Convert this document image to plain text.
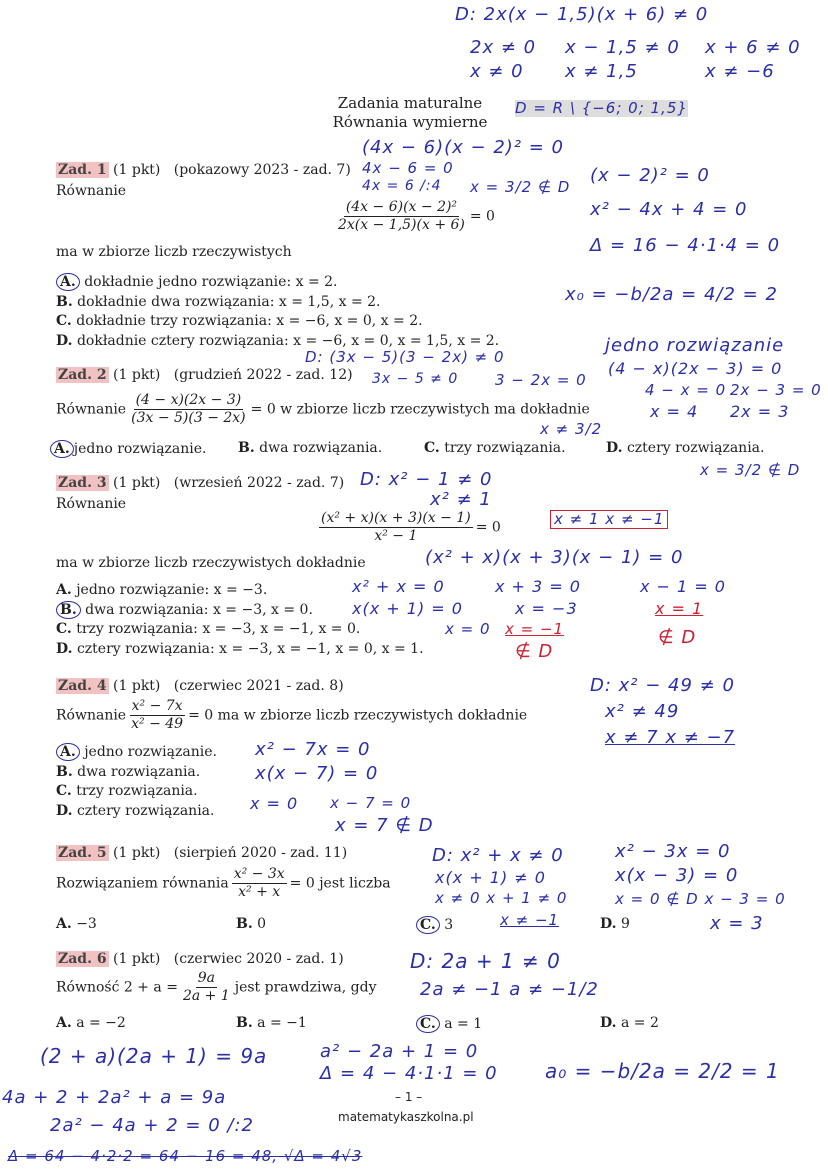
Zadania maturalne
Równania wymierne
Zad. 1 (1 pkt) (pokazowy 2023 - zad. 7)
Równanie
$\frac{\text{(4x − 6)(x − 2)²}}{2x(x - 1,5)(x + 6)} = 0$
ma w zbiorze liczb rzeczywistych
A. dokładnie jedno rozwiązanie: x = 2.
B. dokładnie dwa rozwiązania: x = 1,5, x = 2.
C. dokładnie trzy rozwiązania: x = −6, x = 0, x = 2.
D. dokładnie cztery rozwiązania: x = −6, x = 0, x = 1,5, x = 2.
Zad. 2 (1 pkt) (grudzień 2022 - zad. 12)
Równanie $\frac{(4 - x)(2x - 3)}{(3x - 5)(3 - 2x)} = 0$ w zbiorze liczb rzeczywistych ma dokładnie
A. jedno rozwiązanie.	B. dwa rozwiązania.	C. trzy rozwiązania.	D. cztery rozwiązania.
Zad. 3 (1 pkt) (wrzesień 2022 - zad. 7)
Równanie
$\frac{\text{(x² + x)(x + 3)(x − 1)}}{\text{x² − 1}} = 0$
ma w zbiorze liczb rzeczywistych dokładnie
A. jedno rozwiązanie: x = −3.
B. dwa rozwiązania: x = −3, x = 0.
C. trzy rozwiązania: x = −3, x = −1, x = 0.
D. cztery rozwiązania: x = −3, x = −1, x = 0, x = 1.
Zad. 4 (1 pkt) (czerwiec 2021 - zad. 8)
Równanie $\frac{\text{x² − 7x}}{\text{x² − 49}} = 0$ ma w zbiorze liczb rzeczywistych dokładnie
A. jedno rozwiązanie.
B. dwa rozwiązania.
C. trzy rozwiązania.
D. cztery rozwiązania.
Zad. 5 (1 pkt) (sierpień 2020 - zad. 11)
Rozwiązaniem równania $\frac{\text{x² − 3x}}{\text{x² + x}} = 0$ jest liczba
A. −3	B. 0	C. 3	D. 9
Zad. 6 (1 pkt) (czerwiec 2020 - zad. 1)
Równość $2 + a = \frac{9a}{2a + 1}$ jest prawdziwa, gdy
A. a = −2	B. a = −1	C. a = 1	D. a = 2
– 1 –
matematykaszkolna.pl
D: 2x(x − 1,5)(x + 6) ≠ 0
2x ≠ 0
x ≠ 0
x − 1,5 ≠ 0
x ≠ 1,5
x + 6 ≠ 0
x ≠ −6
D = R \ {−6; 0; 1,5}
(4x − 6)(x − 2)² = 0
4x − 6 = 0
4x = 6 /:4 x = 3/2 ∉ D
(x − 2)² = 0
x² − 4x + 4 = 0
Δ = 16 − 4·1·4 = 0
x₀ = −b/2a = 4/2 = 2
D: (3x − 5)(3 − 2x) ≠ 0
3x − 5 ≠ 0 3 − 2x = 0
x ≠ 3/2
jedno rozwiązanie
(4 − x)(2x − 3) = 0
4 − x = 0 2x − 3 = 0
x = 4 2x = 3
x = 3/2 ∉ D
D: x² − 1 ≠ 0
x² ≠ 1
x ≠ 1 x ≠ −1
(x² + x)(x + 3)(x − 1) = 0
x² + x = 0
x(x + 1) = 0
x = 0 x = −1
∉ D
x + 3 = 0
x = −3
x − 1 = 0
x = 1
∉ D
D: x² − 49 ≠ 0
x² ≠ 49
x ≠ 7 x ≠ −7
x² − 7x = 0
x(x − 7) = 0
x = 0 x − 7 = 0
x = 7 ∉ D
D: x² + x ≠ 0
x(x + 1) ≠ 0
x ≠ 0 x + 1 ≠ 0
x ≠ −1
x² − 3x = 0
x(x − 3) = 0
x = 0 ∉ D x − 3 = 0
x = 3
D: 2a + 1 ≠ 0
2a ≠ −1 a ≠ −1/2
(2 + a)(2a + 1) = 9a
4a + 2 + 2a² + a = 9a
2a² − 4a + 2 = 0 /:2
a² − 2a + 1 = 0
Δ = 4 − 4·1·1 = 0 a₀ = −b/2a = 2/2 = 1
Δ = 64 − 4·2·2 = 64 − 16 = 48, √Δ = 4√3
